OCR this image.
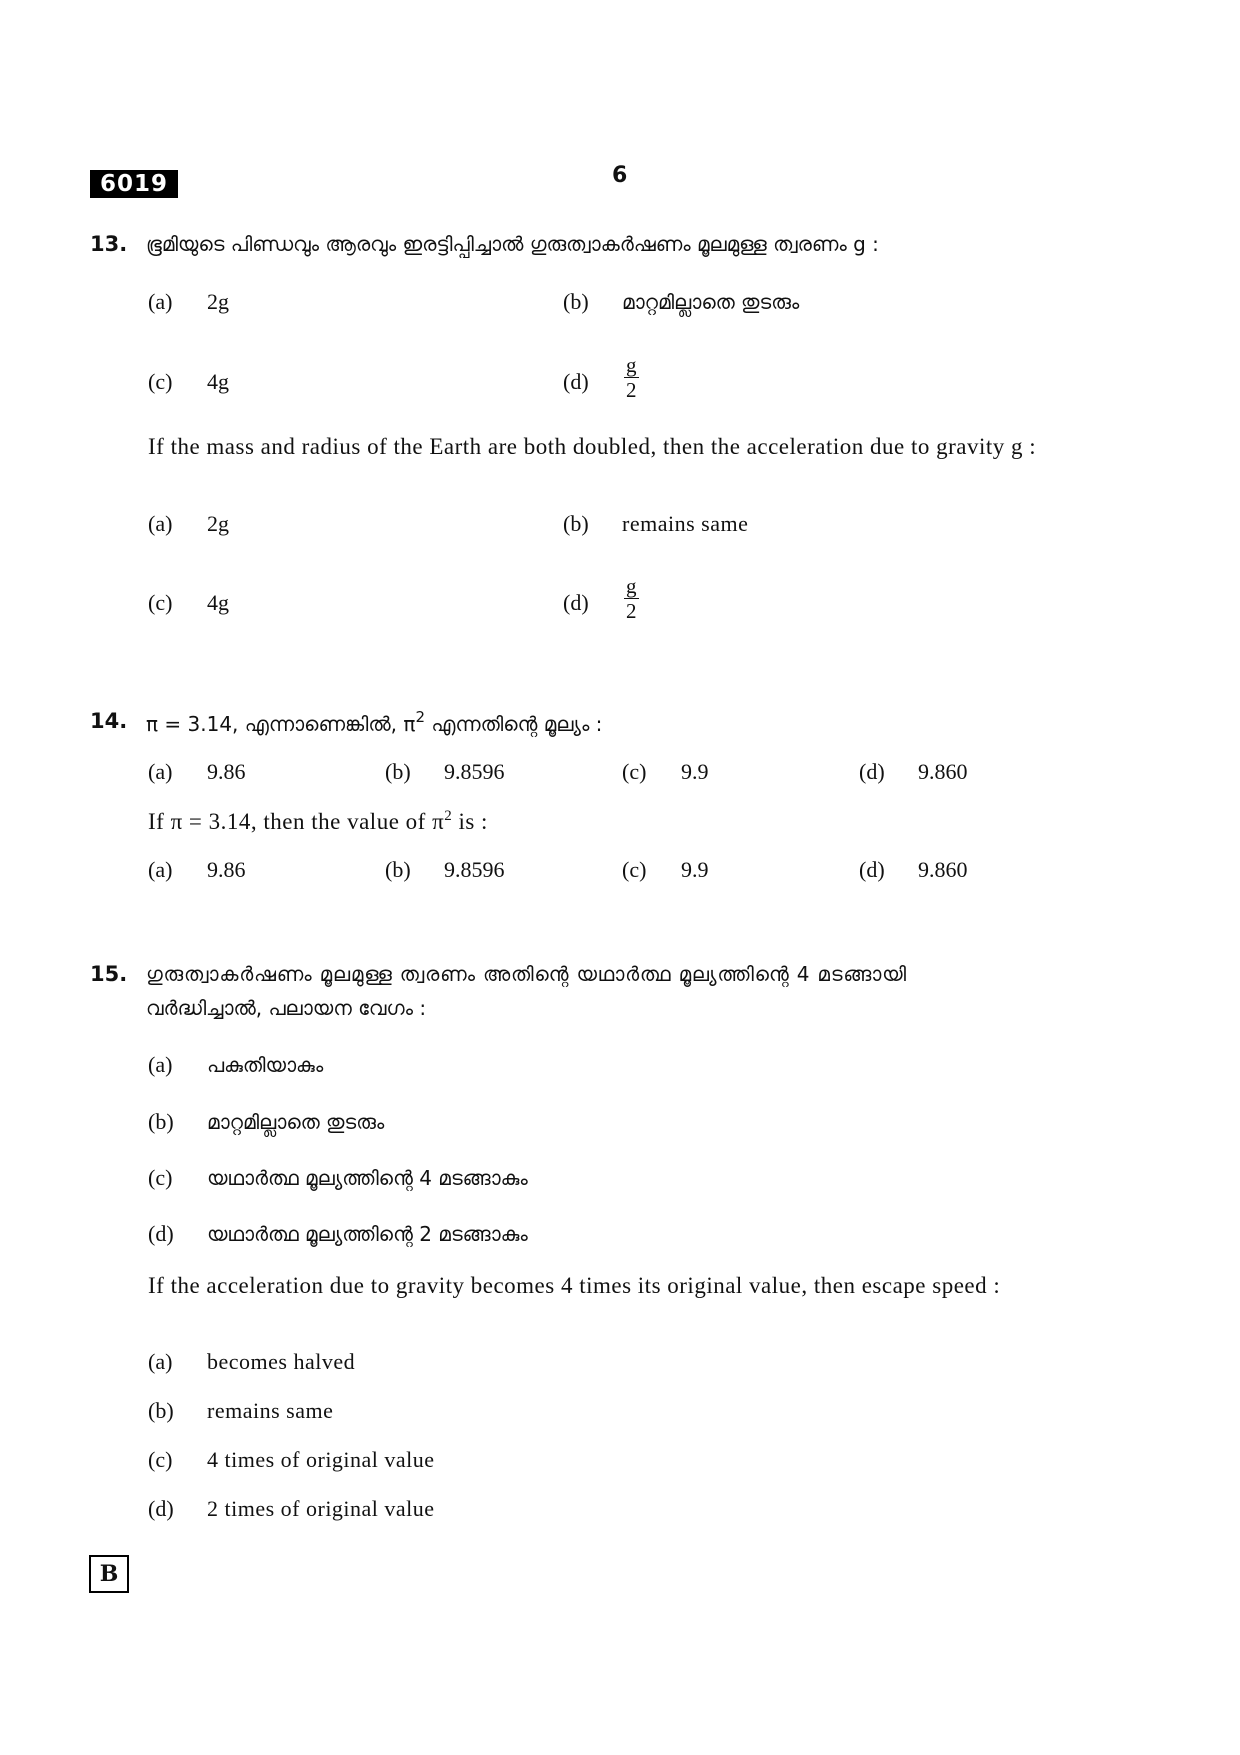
6019	6
13. ഭൂമിയുടെ പിണ്ഡവും ആരവും ഇരട്ടിപ്പിച്ചാൽ ഗുരുത്വാകർഷണം മൂലമുള്ള ത്വരണം g :
(a) 2g	(b) മാറ്റമില്ലാതെ തുടരും
(c) 4g	$(d) \frac{g}{2}$
If the mass and radius of the Earth are both doubled, then the acceleration due to gravity g :
(a) 2g	(b) remains same
(c) 4g	$(d) \frac{g}{2}$
14. π = 3.14, എന്നാണെങ്കിൽ, $\pi^2$ എന്നതിന്റെ മൂല്യം :
(a) 9.86	(b) 9.8596	(c) 9.9	(d) 9.860
If π = 3.14, then the value of $\pi^2$ is :
(a) 9.86	(b) 9.8596	(c) 9.9	(d) 9.860
15. ഗുരുത്വാകർഷണം മൂലമുള്ള ത്വരണം അതിന്റെ യഥാർത്ഥ മൂല്യത്തിന്റെ 4 മടങ്ങായി
വർദ്ധിച്ചാൽ, പലായന വേഗം :
(a) പകുതിയാകും
(b) മാറ്റമില്ലാതെ തുടരും
(c) യഥാർത്ഥ മൂല്യത്തിന്റെ 4 മടങ്ങാകും
(d) യഥാർത്ഥ മൂല്യത്തിന്റെ 2 മടങ്ങാകും
If the acceleration due to gravity becomes 4 times its original value, then escape speed :
(a) becomes halved
(b) remains same
(c) 4 times of original value
(d) 2 times of original value
B
